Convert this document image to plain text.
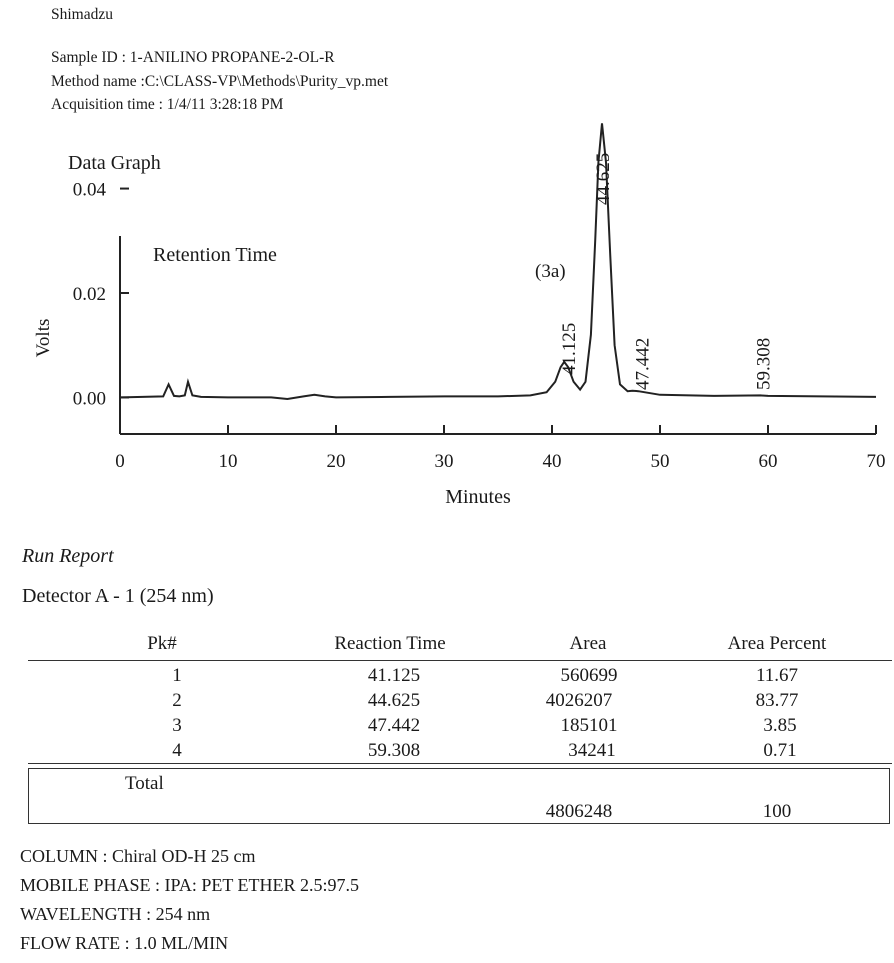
Shimadzu
Sample ID : 1-ANILINO PROPANE-2-OL-R
Method name :C:\CLASS-VP\Methods\Purity_vp.met
Acquisition time : 1/4/11 3:28:18 PM
Data Graph
Retention Time
(3a)
Volts
Minutes
0	10	20	30	40	50	60	70
0.00
0.02
0.04
41.125
44.625
47.442	59.308
Run Report
Detector A - 1 (254 nm)
Pk#	Reaction Time	Area	Area Percent
1	41.125	560699	11.67
2	44.625	4026207	83.77
3	47.442	185101	3.85
4	59.308	34241	0.71
Total
4806248	100
COLUMN : Chiral OD-H 25 cm
MOBILE PHASE : IPA: PET ETHER 2.5:97.5
WAVELENGTH : 254 nm
FLOW RATE : 1.0 ML/MIN
